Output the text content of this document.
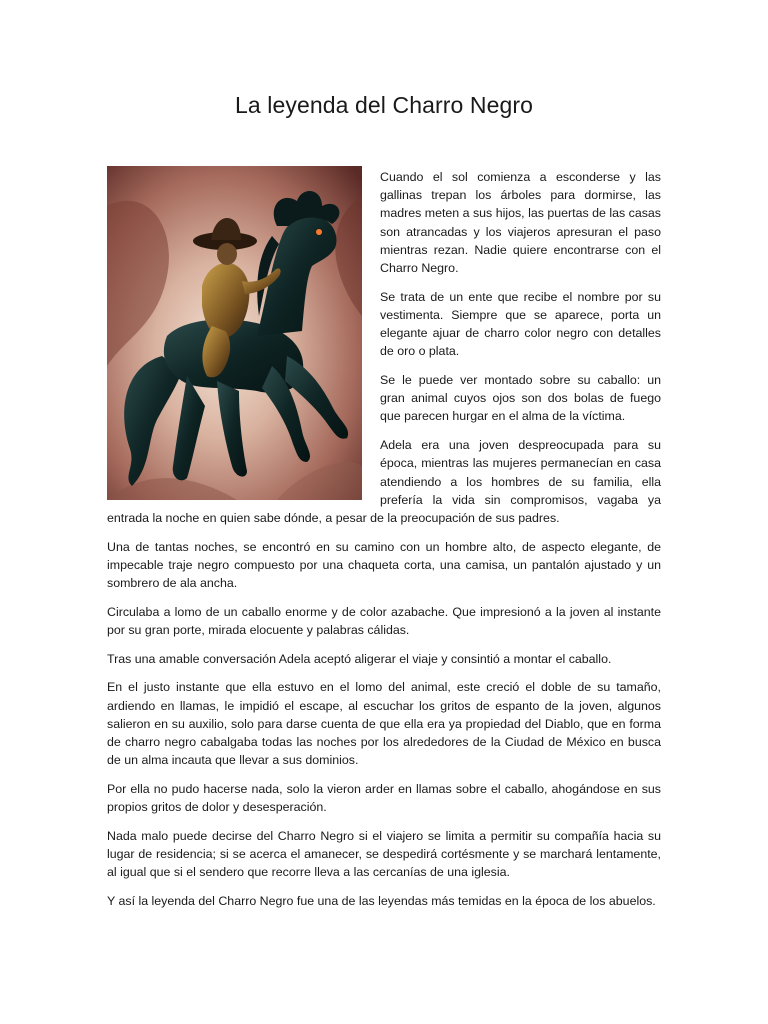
La leyenda del Charro Negro

Cuando el sol comienza a esconderse y las gallinas trepan los árboles para dormirse, las madres meten a sus hijos, las puertas de las casas son atrancadas y los viajeros apresuran el paso mientras rezan. Nadie quiere encontrarse con el Charro Negro.

Se trata de un ente que recibe el nombre por su vestimenta. Siempre que se aparece, porta un elegante ajuar de charro color negro con detalles de oro o plata.

Se le puede ver montado sobre su caballo: un gran animal cuyos ojos son dos bolas de fuego que parecen hurgar en el alma de la víctima.

Adela era una joven despreocupada para su época, mientras las mujeres permanecían en casa atendiendo a los hombres de su familia, ella prefería la vida sin compromisos, vagaba ya entrada la noche en quien sabe dónde, a pesar de la preocupación de sus padres.

Una de tantas noches, se encontró en su camino con un hombre alto, de aspecto elegante, de impecable traje negro compuesto por una chaqueta corta, una camisa, un pantalón ajustado y un sombrero de ala ancha.

Circulaba a lomo de un caballo enorme y de color azabache. Que impresionó a la joven al instante por su gran porte, mirada elocuente y palabras cálidas.

Tras una amable conversación Adela aceptó aligerar el viaje y consintió a montar el caballo.

En el justo instante que ella estuvo en el lomo del animal, este creció el doble de su tamaño, ardiendo en llamas, le impidió el escape, al escuchar los gritos de espanto de la joven, algunos salieron en su auxilio, solo para darse cuenta de que ella era ya propiedad del Diablo, que en forma de charro negro cabalgaba todas las noches por los alrededores de la Ciudad de México en busca de un alma incauta que llevar a sus dominios.

Por ella no pudo hacerse nada, solo la vieron arder en llamas sobre el caballo, ahogándose en sus propios gritos de dolor y desesperación.

Nada malo puede decirse del Charro Negro si el viajero se limita a permitir su compañía hacia su lugar de residencia; si se acerca el amanecer, se despedirá cortésmente y se marchará lentamente, al igual que si el sendero que recorre lleva a las cercanías de una iglesia.

Y así la leyenda del Charro Negro fue una de las leyendas más temidas en la época de los abuelos.
